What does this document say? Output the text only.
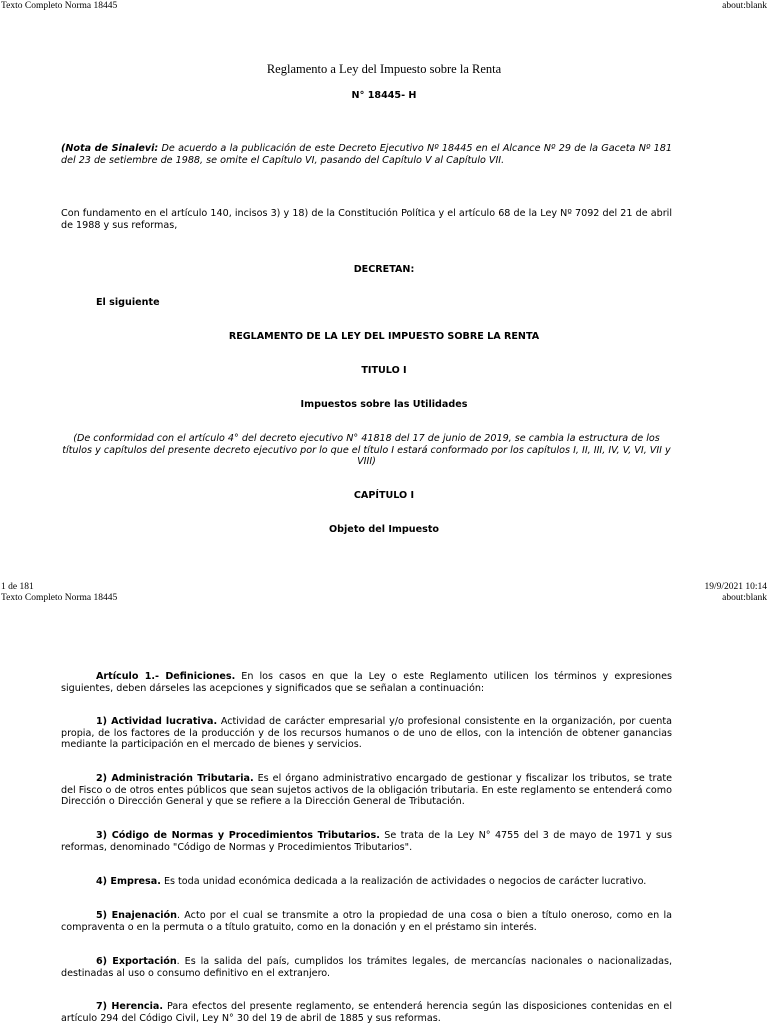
Texto Completo Norma 18445	about:blank
Reglamento a Ley del Impuesto sobre la Renta
N° 18445- H
(Nota de Sinalevi: De acuerdo a la publicación de este Decreto Ejecutivo Nº 18445 en el Alcance Nº 29 de la Gaceta Nº 181 del 23 de setiembre de 1988, se omite el Capítulo VI, pasando del Capítulo V al Capítulo VII.
Con fundamento en el artículo 140, incisos 3) y 18) de la Constitución Política y el artículo 68 de la Ley Nº 7092 del 21 de abril de 1988 y sus reformas,
DECRETAN:
El siguiente
REGLAMENTO DE LA LEY DEL IMPUESTO SOBRE LA RENTA
TITULO I
Impuestos sobre las Utilidades
(De conformidad con el artículo 4° del decreto ejecutivo N° 41818 del 17 de junio de 2019, se cambia la estructura de los títulos y capítulos del presente decreto ejecutivo por lo que el título I estará conformado por los capítulos I, II, III, IV, V, VI, VII y VIII)
CAPÍTULO I
Objeto del Impuesto
1 de 181	19/9/2021 10:14
Texto Completo Norma 18445	about:blank
Artículo 1.- Definiciones. En los casos en que la Ley o este Reglamento utilicen los términos y expresiones siguientes, deben dárseles las acepciones y significados que se señalan a continuación:
1) Actividad lucrativa. Actividad de carácter empresarial y/o profesional consistente en la organización, por cuenta propia, de los factores de la producción y de los recursos humanos o de uno de ellos, con la intención de obtener ganancias mediante la participación en el mercado de bienes y servicios.
2) Administración Tributaria. Es el órgano administrativo encargado de gestionar y fiscalizar los tributos, se trate del Fisco o de otros entes públicos que sean sujetos activos de la obligación tributaria. En este reglamento se entenderá como Dirección o Dirección General y que se refiere a la Dirección General de Tributación.
3) Código de Normas y Procedimientos Tributarios. Se trata de la Ley N° 4755 del 3 de mayo de 1971 y sus reformas, denominado "Código de Normas y Procedimientos Tributarios".
4) Empresa. Es toda unidad económica dedicada a la realización de actividades o negocios de carácter lucrativo.
5) Enajenación. Acto por el cual se transmite a otro la propiedad de una cosa o bien a título oneroso, como en la compraventa o en la permuta o a título gratuito, como en la donación y en el préstamo sin interés.
6) Exportación. Es la salida del país, cumplidos los trámites legales, de mercancías nacionales o nacionalizadas, destinadas al uso o consumo definitivo en el extranjero.
7) Herencia. Para efectos del presente reglamento, se entenderá herencia según las disposiciones contenidas en el artículo 294 del Código Civil, Ley N° 30 del 19 de abril de 1885 y sus reformas.
